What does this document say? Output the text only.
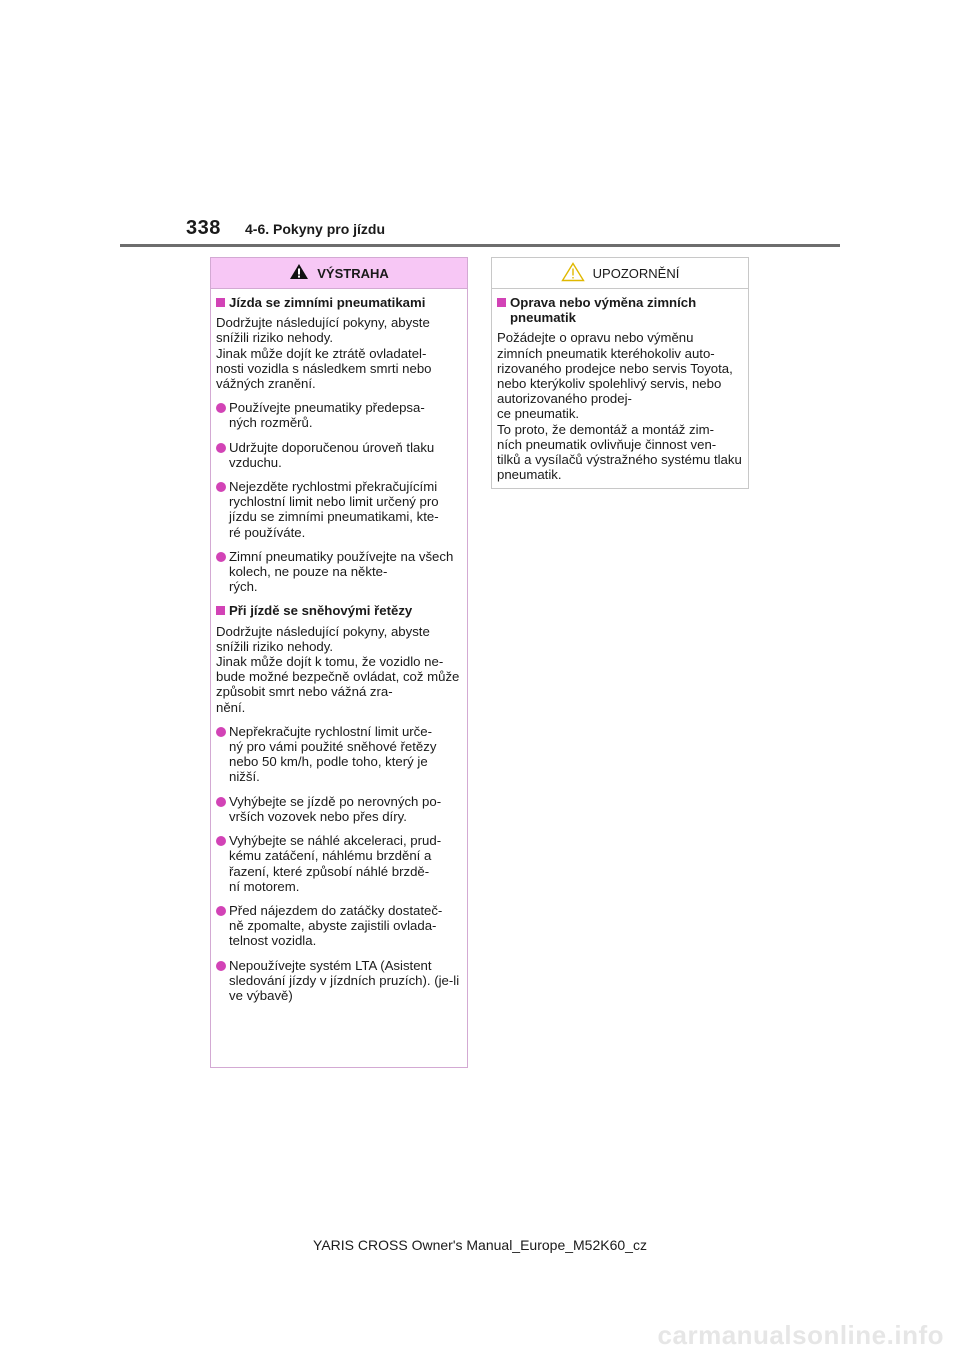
338 4-6. Pokyny pro jízdu
VÝSTRAHA
Jízda se zimními pneumatikami
Dodržujte následující pokyny, abyste snížili riziko nehody.
Jinak může dojít ke ztrátě ovladatel-
nosti vozidla s následkem smrti nebo vážných zranění.
Používejte pneumatiky předepsa-
ných rozměrů.
Udržujte doporučenou úroveň tlaku vzduchu.
Nejezděte rychlostmi překračujícími rychlostní limit nebo limit určený pro jízdu se zimními pneumatikami, kte-
ré používáte.
Zimní pneumatiky používejte na všech kolech, ne pouze na někte-
rých.
Při jízdě se sněhovými řetězy
Dodržujte následující pokyny, abyste snížili riziko nehody.
Jinak může dojít k tomu, že vozidlo ne-
bude možné bezpečně ovládat, což může způsobit smrt nebo vážná zra-
nění.
Nepřekračujte rychlostní limit urče-
ný pro vámi použité sněhové řetězy nebo 50 km/h, podle toho, který je nižší.
Vyhýbejte se jízdě po nerovných po-
vrších vozovek nebo přes díry.
Vyhýbejte se náhlé akceleraci, prud-
kému zatáčení, náhlému brzdění a řazení, které způsobí náhlé brzdě-
ní motorem.
Před nájezdem do zatáčky dostateč-
ně zpomalte, abyste zajistili ovlada-
telnost vozidla.
Nepoužívejte systém LTA (Asistent sledování jízdy v jízdních pruzích). (je-li ve výbavě)
UPOZORNĚNÍ
Oprava nebo výměna zimních pneumatik
Požádejte o opravu nebo výměnu zimních pneumatik kteréhokoliv auto-
rizovaného prodejce nebo servis Toyota, nebo kterýkoliv spolehlivý servis, nebo autorizovaného prodej-
ce pneumatik.
To proto, že demontáž a montáž zim-
ních pneumatik ovlivňuje činnost ven-
tilků a vysílačů výstražného systému tlaku pneumatik.
YARIS CROSS Owner's Manual_Europe_M52K60_cz
carmanualsonline.info
